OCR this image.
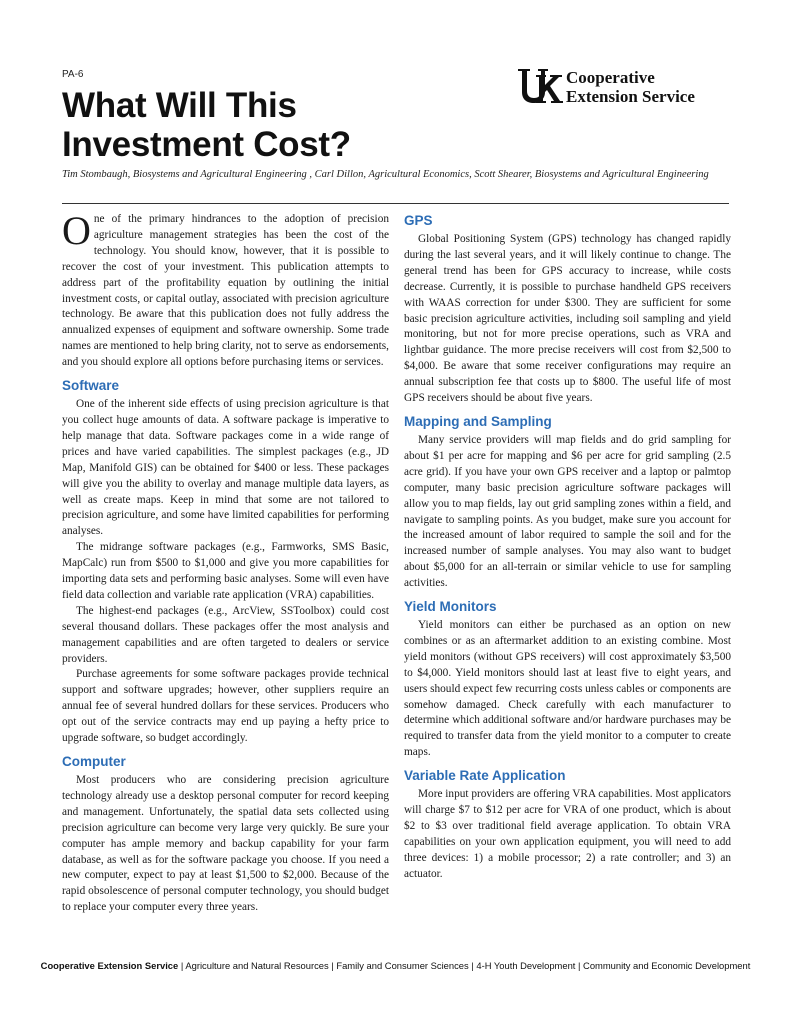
PA-6	Cooperative
Extension Service
What Will This Investment Cost?
Tim Stombaugh, Biosystems and Agricultural Engineering , Carl Dillon, Agricultural Economics, Scott Shearer, Biosystems and Agricultural Engineering

One of the primary hindrances to the adoption of precision agriculture management strategies has been the cost of the technology. You should know, however, that it is possible to recover the cost of your investment. This publication attempts to address part of the profitability equation by outlining the initial investment costs, or capital outlay, associated with precision agriculture technology. Be aware that this publication does not fully address the annualized expenses of equipment and software ownership. Some trade names are mentioned to help bring clarity, not to serve as endorsements, and you should explore all options before purchasing items or services.

Software

One of the inherent side effects of using precision agriculture is that you collect huge amounts of data. A software package is imperative to help manage that data. Software packages come in a wide range of prices and have varied capabilities. The simplest packages (e.g., JD Map, Manifold GIS) can be obtained for $400 or less. These packages will give you the ability to overlay and manage multiple data layers, as well as create maps. Keep in mind that some are not tailored to precision agriculture, and some have limited capabilities for performing analyses.

The midrange software packages (e.g., Farmworks, SMS Basic, MapCalc) run from $500 to $1,000 and give you more capabilities for importing data sets and performing basic analyses. Some will even have field data collection and variable rate application (VRA) capabilities.

The highest-end packages (e.g., ArcView, SSToolbox) could cost several thousand dollars. These packages offer the most analysis and management capabilities and are often targeted to dealers or service providers.

Purchase agreements for some software packages provide technical support and software upgrades; however, other suppliers require an annual fee of several hundred dollars for these services. Producers who opt out of the service contracts may end up paying a hefty price to upgrade software, so budget accordingly.

Computer

Most producers who are considering precision agriculture technology already use a desktop personal computer for record keeping and management. Unfortunately, the spatial data sets collected using precision agriculture can become very large very quickly. Be sure your computer has ample memory and backup capability for your farm database, as well as for the software package you choose. If you need a new computer, expect to pay at least $1,500 to $2,000. Because of the rapid obsolescence of personal computer technology, you should budget to replace your computer every three years.

GPS

Global Positioning System (GPS) technology has changed rapidly during the last several years, and it will likely continue to change. The general trend has been for GPS accuracy to increase, while costs decrease. Currently, it is possible to purchase handheld GPS receivers with WAAS correction for under $300. They are sufficient for some basic precision agriculture activities, including soil sampling and yield monitoring, but not for more precise operations, such as VRA and lightbar guidance. The more precise receivers will cost from $2,500 to $4,000. Be aware that some receiver configurations may require an annual subscription fee that costs up to $800. The useful life of most GPS receivers should be about five years.

Mapping and Sampling

Many service providers will map fields and do grid sampling for about $1 per acre for mapping and $6 per acre for grid sampling (2.5 acre grid). If you have your own GPS receiver and a laptop or palmtop computer, many basic precision agriculture software packages will allow you to map fields, lay out grid sampling zones within a field, and navigate to sampling points. As you budget, make sure you account for the increased amount of labor required to sample the soil and for the increased number of sample analyses. You may also want to budget about $5,000 for an all-terrain or similar vehicle to use for sampling activities.

Yield Monitors

Yield monitors can either be purchased as an option on new combines or as an aftermarket addition to an existing combine. Most yield monitors (without GPS receivers) will cost approximately $3,500 to $4,000. Yield monitors should last at least five to eight years, and users should expect few recurring costs unless cables or components are somehow damaged. Check carefully with each manufacturer to determine which additional software and/or hardware purchases may be required to transfer data from the yield monitor to a computer to create maps.

Variable Rate Application

More input providers are offering VRA capabilities. Most applicators will charge $7 to $12 per acre for VRA of one product, which is about $2 to $3 over traditional field average application. To obtain VRA capabilities on your own application equipment, you will need to add three devices: 1) a mobile processor; 2) a rate controller; and 3) an actuator.

Cooperative Extension Service | Agriculture and Natural Resources | Family and Consumer Sciences | 4-H Youth Development | Community and Economic Development
